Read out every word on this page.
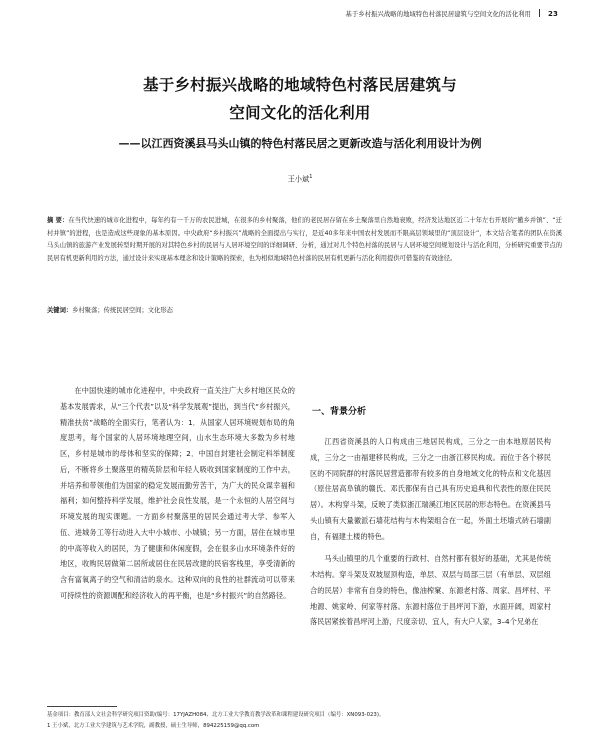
基于乡村振兴战略的地域特色村落民居建筑与空间文化的活化利用 23
基于乡村振兴战略的地域特色村落民居建筑与
空间文化的活化利用
——以江西资溪县马头山镇的特色村落民居之更新改造与活化利用设计为例
王小斌$^1$
摘 要：在当代快速的城市化进程中，每年约有一千万的农民进城，在很多的乡村聚落，他们的老民居存留在乡土聚落里自然地衰败，经济发达地区近二十年左右开展的“撤乡并镇”、“迁村并镇”的进程，也是造成这些现象的基本原因。中央政府“乡村振兴”战略的全面提出与实行，是近40多年来中国农村发展而不限高层领域里的“顶层设计”，本文结合笔者的团队在资溪马头山镇的旅游产业发展转型时期开展的对其特色乡村的民居与人居环境空间的详细调研、分析，通过对几个特色村落的民居与人居环境空间规划设计与活化利用，分析研究重要节点的民居有机更新利用的方法，通过设计来实现基本理念和设计策略的探索，也为相似地域特色村落的民居有机更新与活化利用提供可借鉴的有效途径。
关键词：乡村聚落；传统民居空间；文化形态

在中国快速的城市化进程中，中央政府一直关注广大乡村地区民众的基本发展需求，从“三个代表”以及“科学发展观”提出，到当代“乡村振兴，精准扶贫”战略的全面实行，笔者认为：1．从国家人居环境规划布局的角度思考，每个国家的人居环境地理空间，山水生态环境大多数为乡村地区，乡村是城市的母体和坚实的保障；2．中国自封建社会制定科举制度后，不断将乡土聚落里的精英阶层和年轻人吸收到国家制度的工作中去，并培养和带领他们为国家的稳定发展而勤劳苦干，为广大的民众谋幸福和福利；如何整持科学发展，维护社会良性发展，是一个永恒的人居空间与环境发展的现实课题。一方面乡村聚落里的居民会通过考大学、参军入伍、进城务工等行动进入大中小城市、小城镇；另一方面，居住在城市里的中高等收入的居民，为了健康和休闲度假，会在很多山水环境条件好的地区，收购民居做第二居所或居住在民居改建的民宿客栈里，享受清新的含有富氧离子的空气和清洁的泉水。这种双向的良性的社群流动可以带来可持续性的资源调配和经济收入的再平衡，也是“乡村振兴”的自然路径。

一、背景分析

江西省资溪县的人口构成由三地居民构成，三分之一由本地原居民构成，三分之一由福建移民构成，三分之一由浙江移民构成。而位于各个移民区的不同院群的村落民居营造都带有较多的自身地域文化的特点和文化基因（原住居高阜镇的赣氏、邓氏都保有自己具有历史追典和代表性的原住民民居）。木构穿斗架，反映了类似浙江瑞溪江地区民居的形态特色。在资溪县马头山镇有大量徽派石墙花结构与木构架组合在一起，外面土坯墙式砖石墙副自，有福建土楼的特色。

马头山镇里的几个重要的行政村、自然村都有很好的基础，尤其是传统木结构。穿斗架及双坡屋顶构造，单层、双层与局部三层（有单层、双层组合的民居）非常有自身的特色，像油榨窠、东源老村落、周家、昌坪村、平地源、姚家岭、何家等村落。东源村落位于昌坪河下游，水面开阔，周家村落民居紧挨着昌坪河上游，尺度亲切、宜人，有大户人家，3–4个兄弟在

基金项目：教育部人文社会科学研究项目资助(编号：17YJAZH084、北方工业大学教育教学改革和课程建设研究项目（编号：XN093-023)。
1 王小斌，北方工业大学建筑与艺术学院，副教授，硕士生导师，894225159@qq.com
